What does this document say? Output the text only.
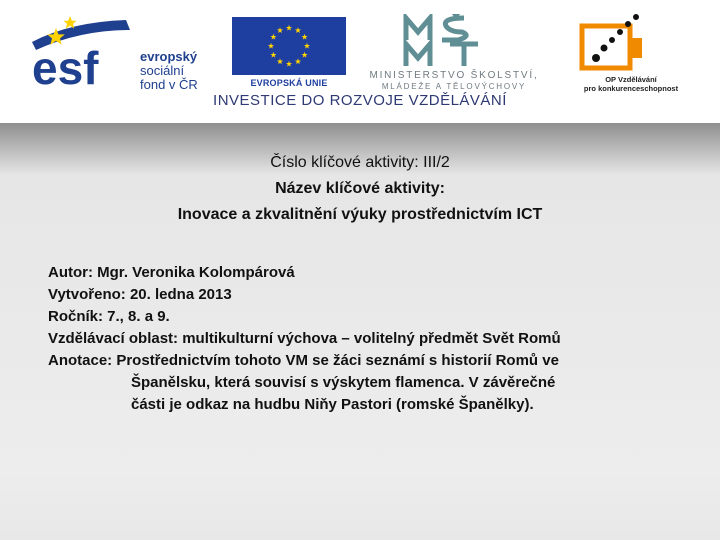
esf	evropský
sociální
fond v ČR	EVROPSKÁ UNIE
MINISTERSTVO ŠKOLSTVÍ,
MLÁDEŽE A TĚLOVÝCHOVY
OP Vzdělávání
pro konkurenceschopnost
INVESTICE DO ROZVOJE VZDĚLÁVÁNÍ
Číslo klíčové aktivity: III/2
Název klíčové aktivity:
Inovace a zkvalitnění výuky prostřednictvím ICT
Autor: Mgr. Veronika Kolompárová
Vytvořeno: 20. ledna 2013
Ročník: 7., 8. a 9.
Vzdělávací oblast: multikulturní výchova – volitelný předmět Svět Romů
Anotace: Prostřednictvím tohoto VM se žáci seznámí s historií Romů ve
Španělsku, která souvisí s výskytem flamenca. V závěrečné
části je odkaz na hudbu Niňy Pastori (romské Španělky).
